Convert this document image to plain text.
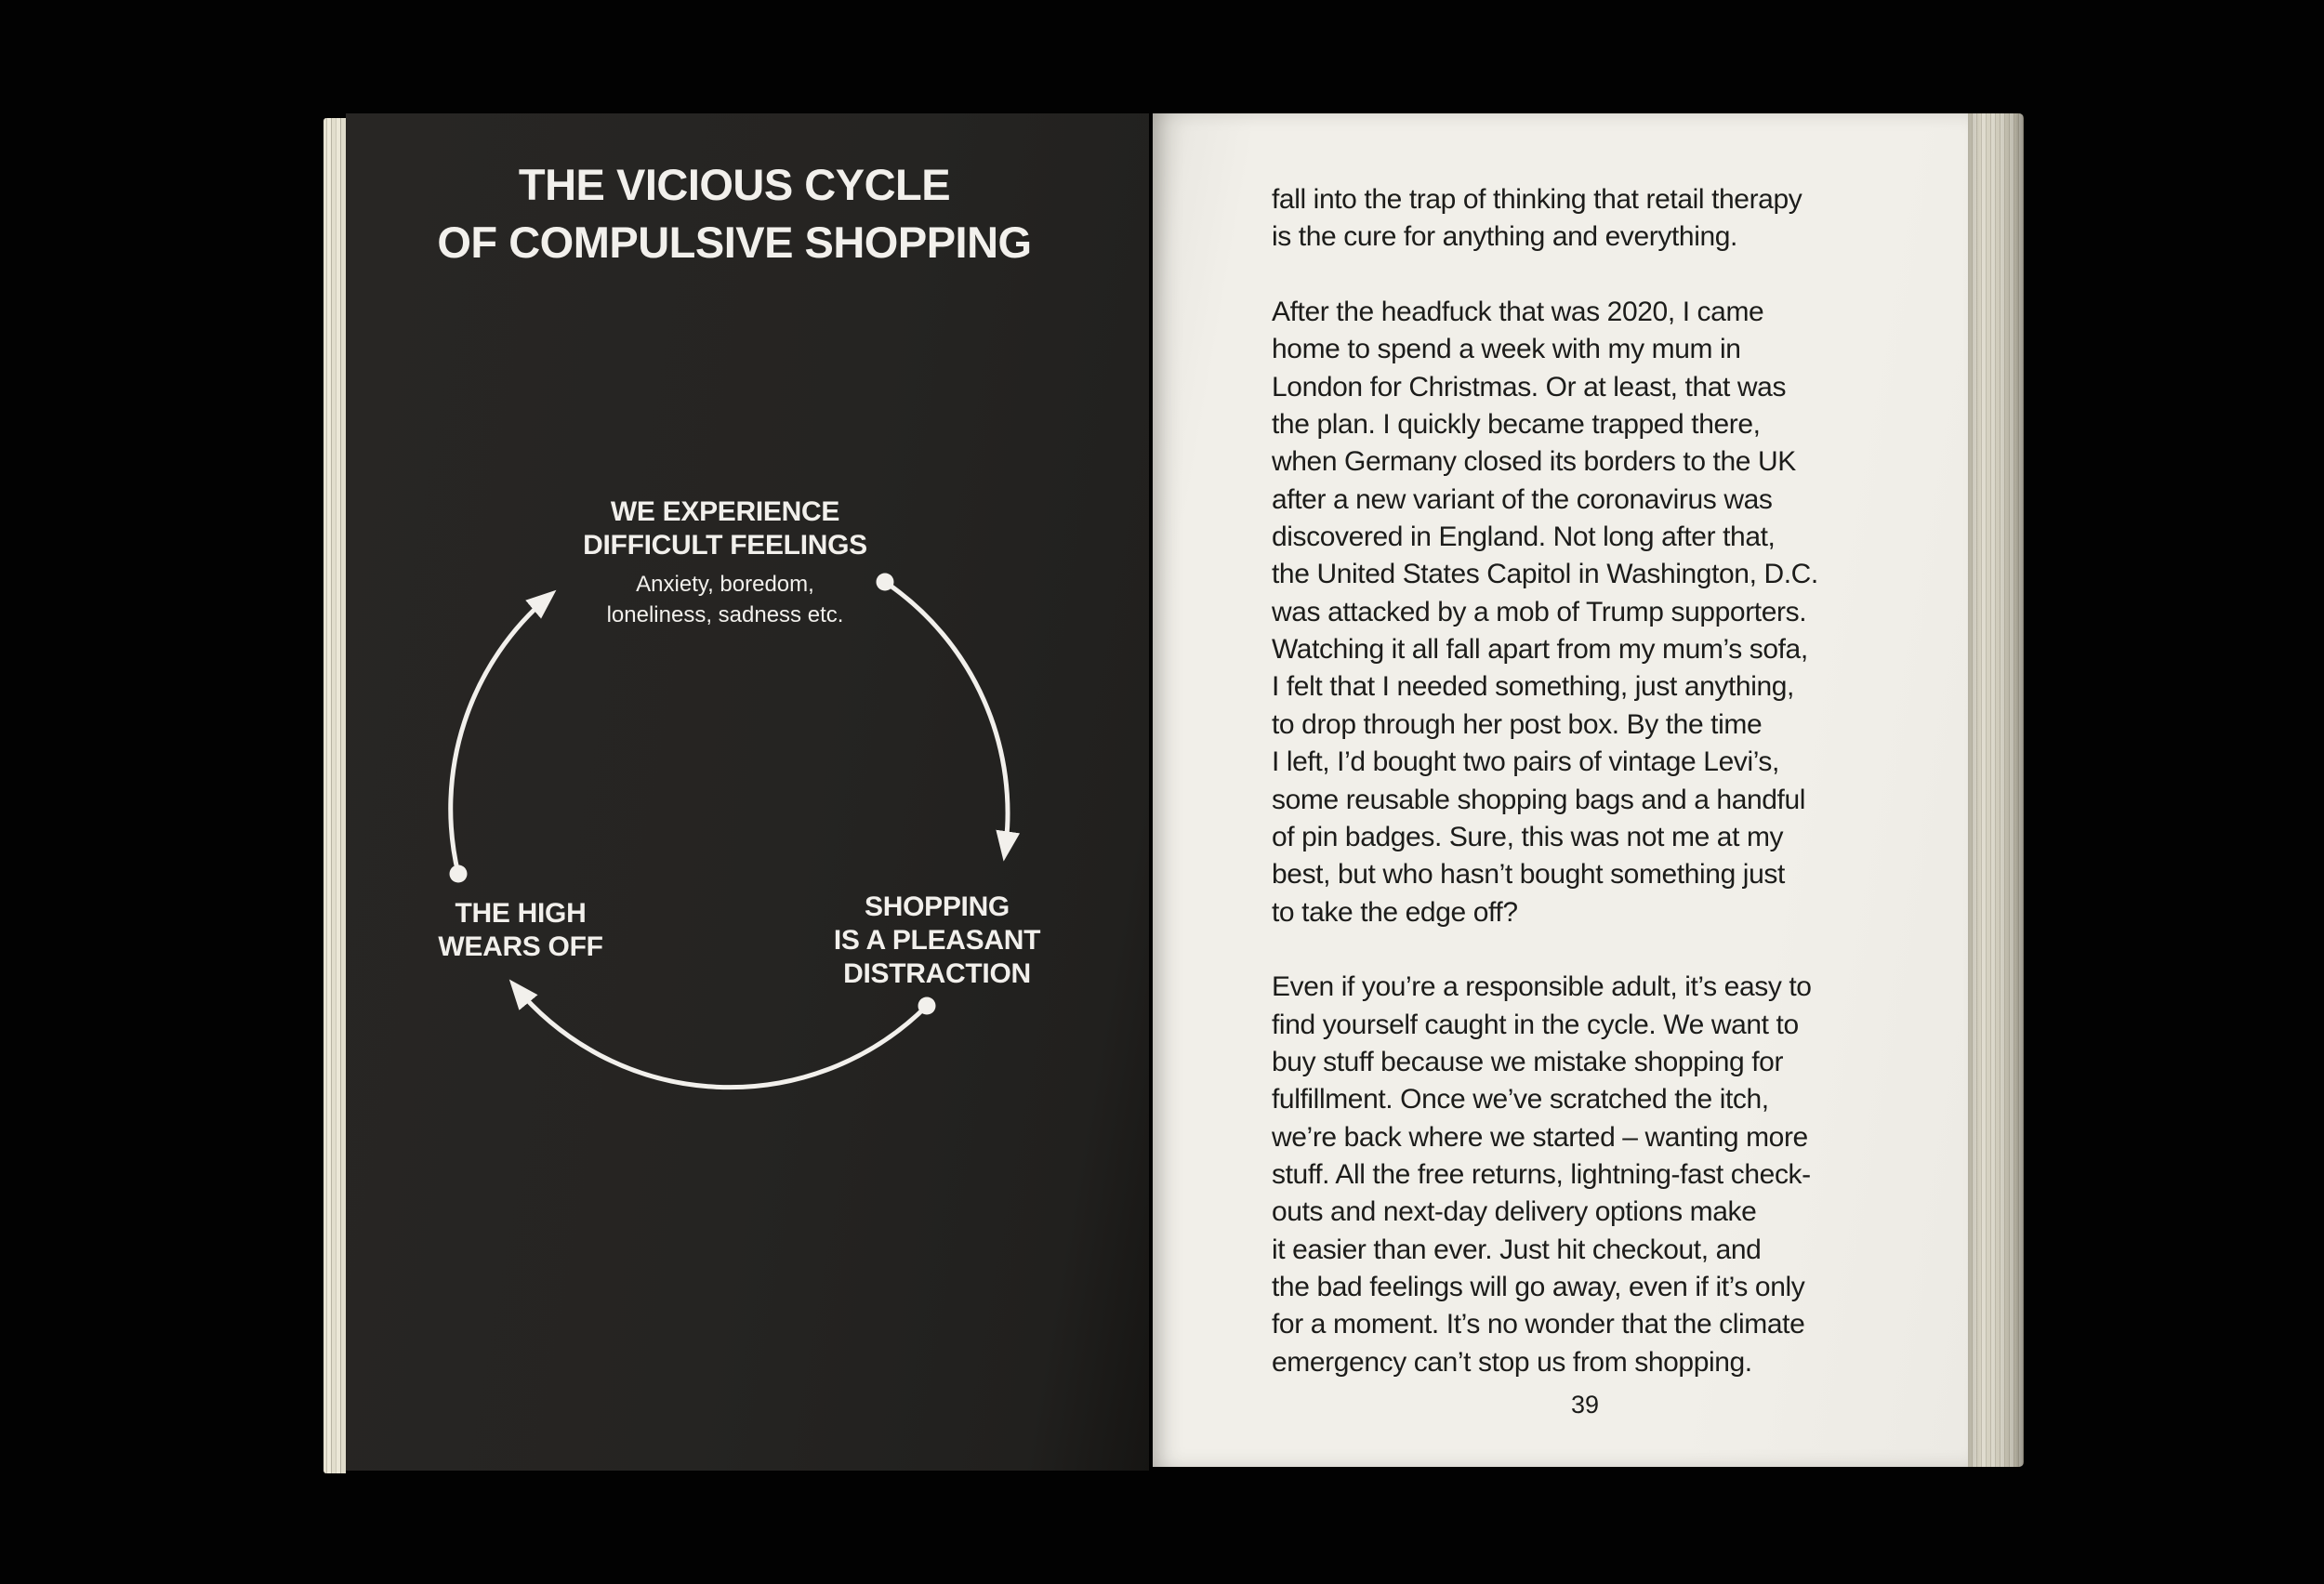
THE VICIOUS CYCLE
OF COMPULSIVE SHOPPING
WE EXPERIENCE
DIFFICULT FEELINGS
Anxiety, boredom,
loneliness, sadness etc.
SHOPPING
IS A PLEASANT
DISTRACTION
THE HIGH
WEARS OFF
fall into the trap of thinking that retail therapy
is the cure for anything and everything.
After the headfuck that was 2020, I came
home to spend a week with my mum in
London for Christmas. Or at least, that was
the plan. I quickly became trapped there,
when Germany closed its borders to the UK
after a new variant of the coronavirus was
discovered in England. Not long after that,
the United States Capitol in Washington, D.C.
was attacked by a mob of Trump supporters.
Watching it all fall apart from my mum’s sofa,
I felt that I needed something, just anything,
to drop through her post box. By the time
I left, I’d bought two pairs of vintage Levi’s,
some reusable shopping bags and a handful
of pin badges. Sure, this was not me at my
best, but who hasn’t bought something just
to take the edge off?
Even if you’re a responsible adult, it’s easy to
find yourself caught in the cycle. We want to
buy stuff because we mistake shopping for
fulfillment. Once we’ve scratched the itch,
we’re back where we started – wanting more
stuff. All the free returns, lightning-fast check-
outs and next-day delivery options make
it easier than ever. Just hit checkout, and
the bad feelings will go away, even if it’s only
for a moment. It’s no wonder that the climate
emergency can’t stop us from shopping.
39
